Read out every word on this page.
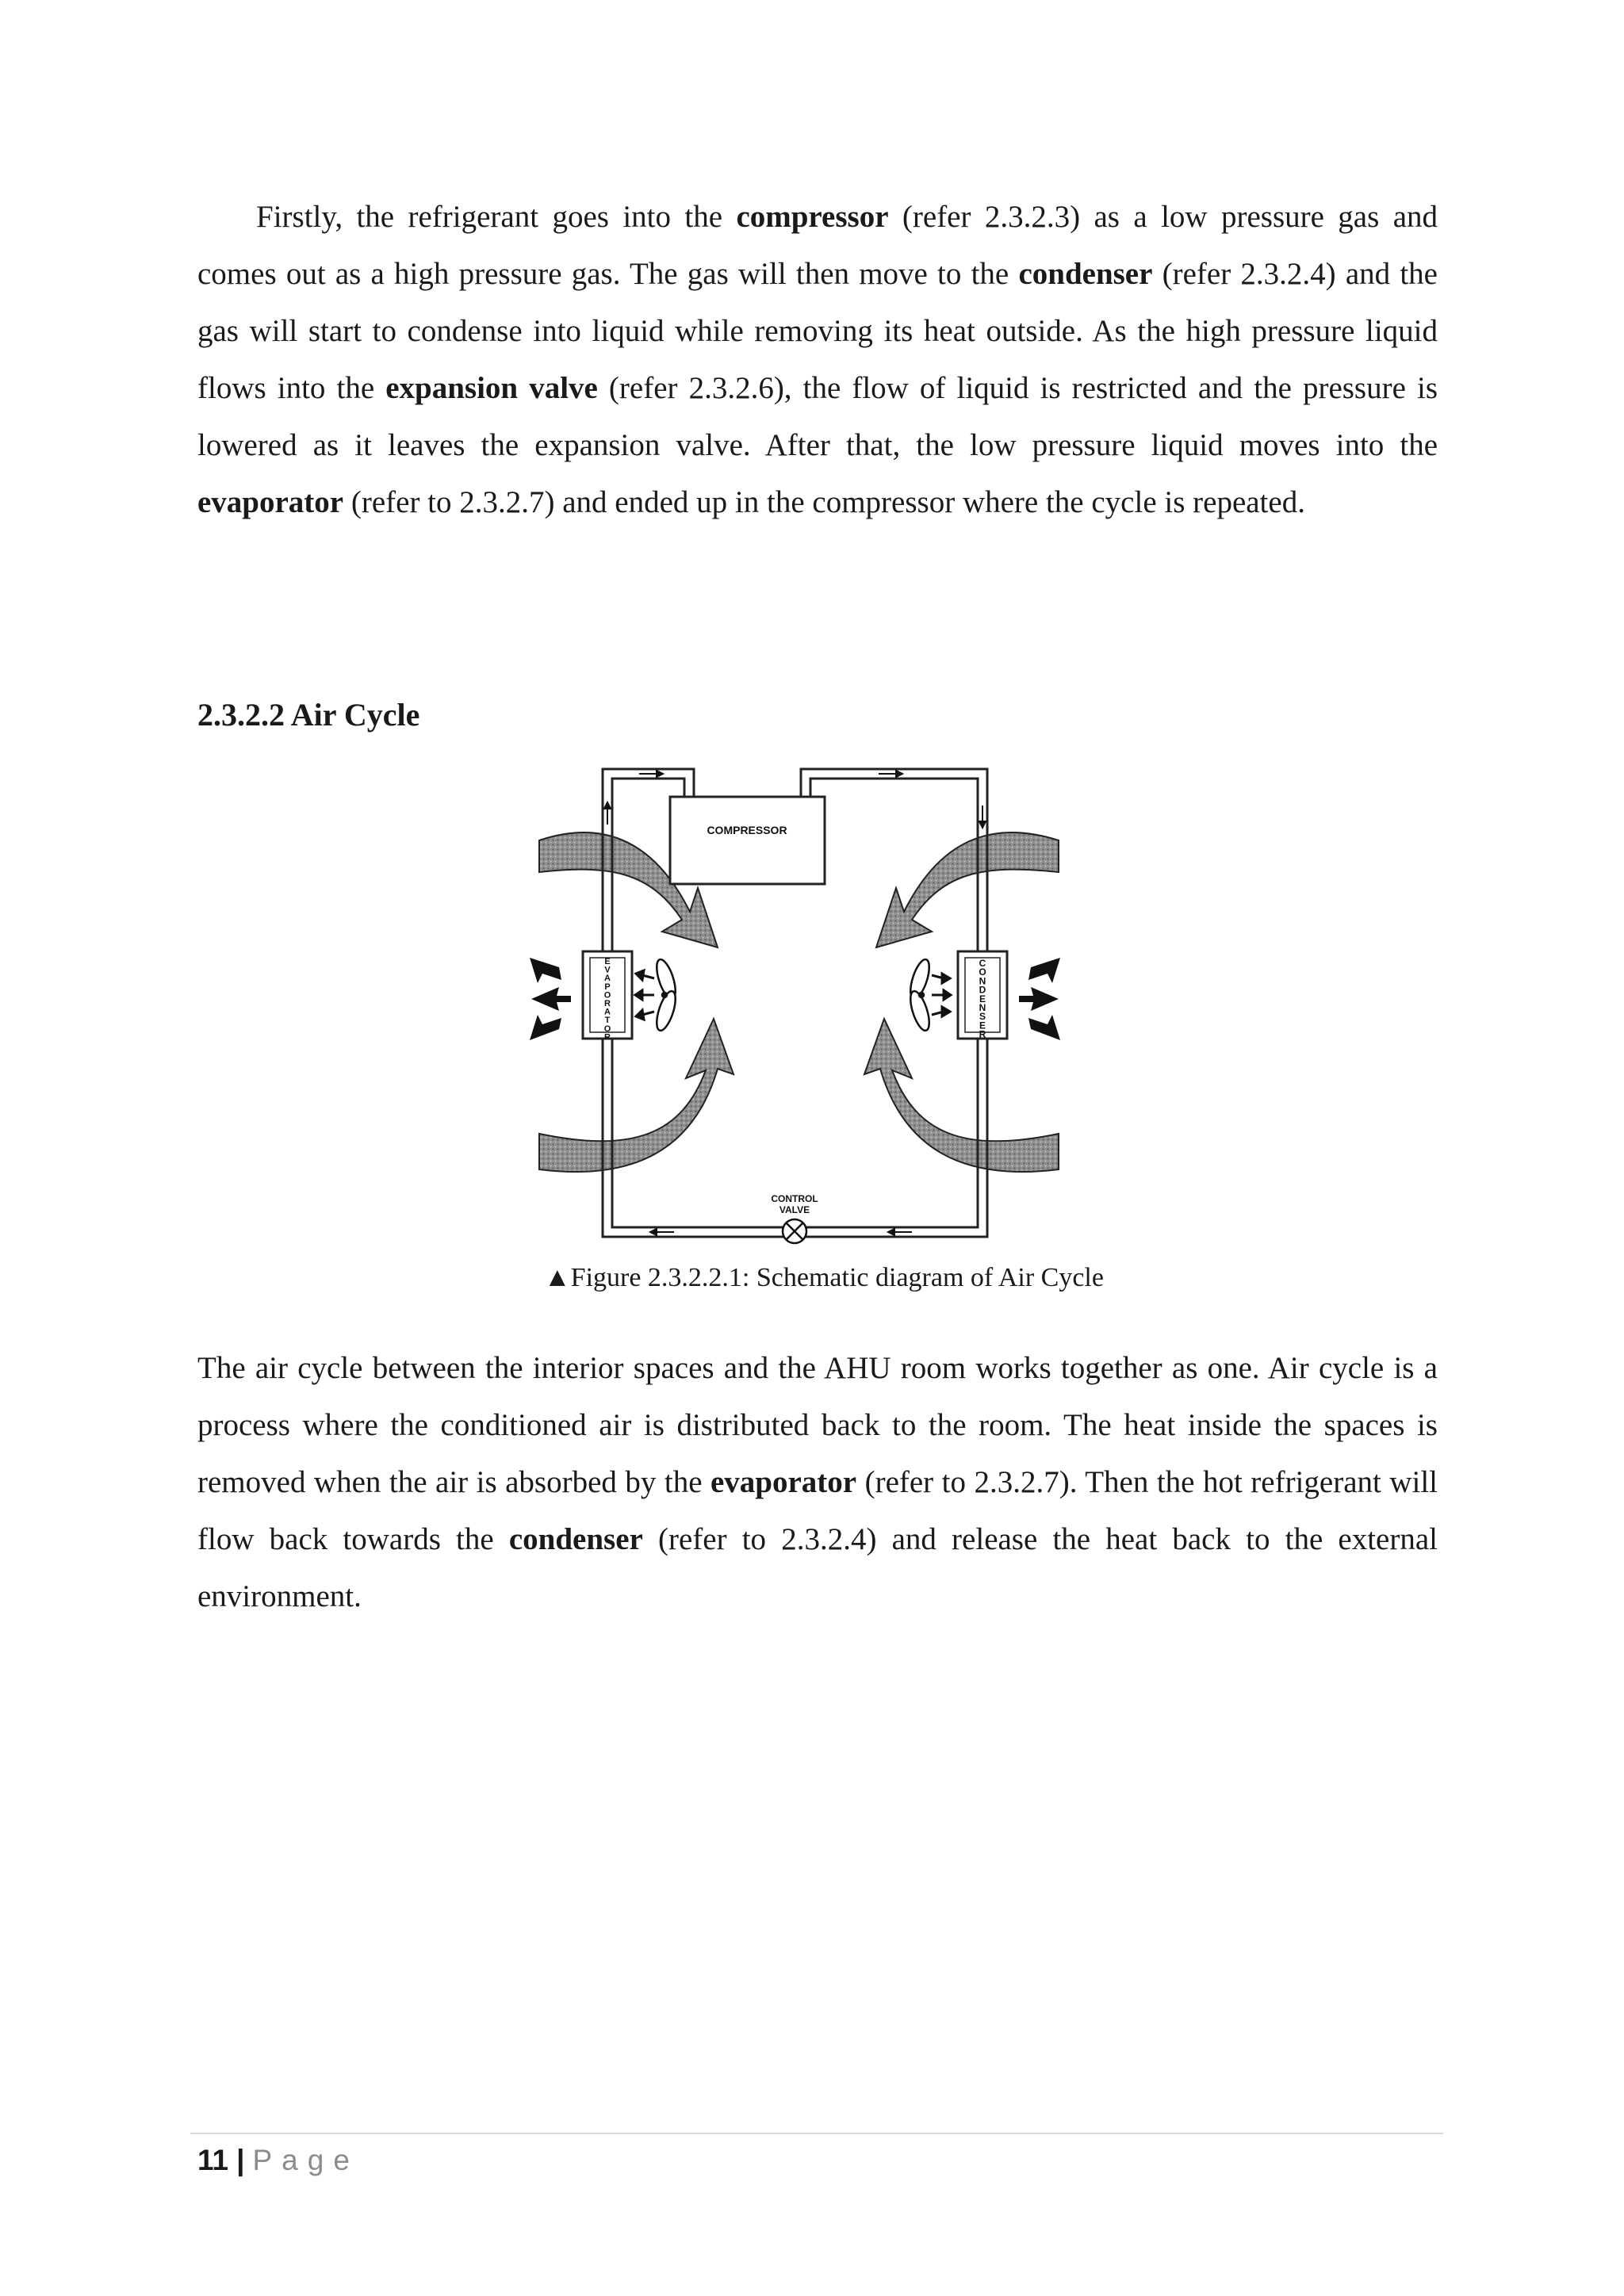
Firstly, the refrigerant goes into the compressor (refer 2.3.2.3) as a low pressure gas and comes out as a high pressure gas. The gas will then move to the condenser (refer 2.3.2.4) and the gas will start to condense into liquid while removing its heat outside. As the high pressure liquid flows into the expansion valve (refer 2.3.2.6), the flow of liquid is restricted and the pressure is lowered as it leaves the expansion valve. After that, the low pressure liquid moves into the evaporator (refer to 2.3.2.7) and ended up in the compressor where the cycle is repeated.

2.3.2.2 Air Cycle
COMPRESSOR
E V A P O R A T O R
C O N D E N S E R
CONTROL
VALVE

▲Figure 2.3.2.2.1: Schematic diagram of Air Cycle

The air cycle between the interior spaces and the AHU room works together as one. Air cycle is a process where the conditioned air is distributed back to the room. The heat inside the spaces is removed when the air is absorbed by the evaporator (refer to 2.3.2.7). Then the hot refrigerant will flow back towards the condenser (refer to 2.3.2.4) and release the heat back to the external environment.

11 | Page
